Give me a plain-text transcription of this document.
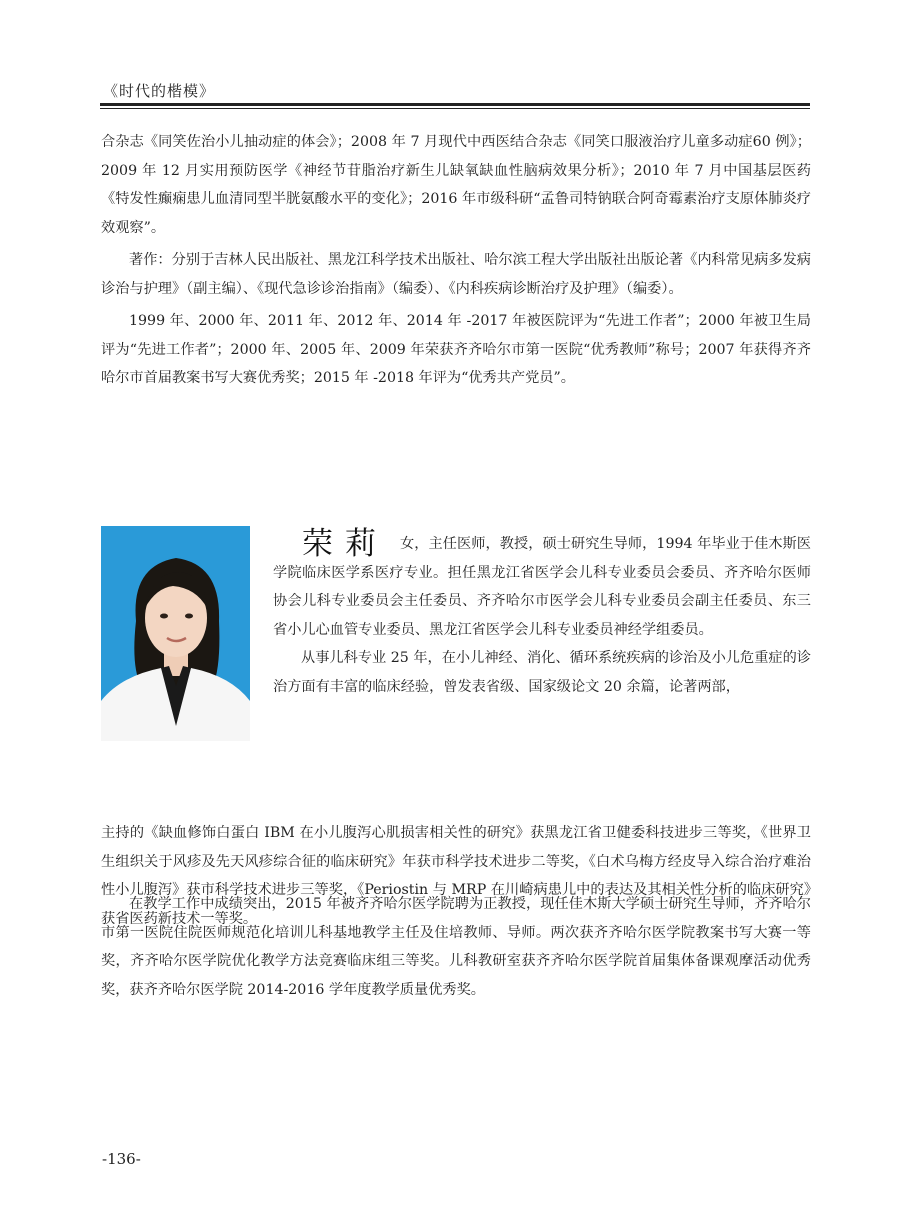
《时代的楷模》

合杂志《同笑佐治小儿抽动症的体会》；2008 年 7 月现代中西医结合杂志《同笑口服液治疗儿童多动症60 例》；2009 年 12 月实用预防医学《神经节苷脂治疗新生儿缺氧缺血性脑病效果分析》；2010 年 7 月中国基层医药《特发性癫痫患儿血清同型半胱氨酸水平的变化》；2016 年市级科研“孟鲁司特钠联合阿奇霉素治疗支原体肺炎疗效观察”。

著作：分别于吉林人民出版社、黑龙江科学技术出版社、哈尔滨工程大学出版社出版论著《内科常见病多发病诊治与护理》（副主编）、《现代急诊诊治指南》（编委）、《内科疾病诊断治疗及护理》（编委）。

1999 年、2000 年、2011 年、2012 年、2014 年 -2017 年被医院评为“先进工作者”；2000 年被卫生局评为“先进工作者”；2000 年、2005 年、2009 年荣获齐齐哈尔市第一医院“优秀教师”称号；2007 年获得齐齐哈尔市首届教案书写大赛优秀奖；2015 年 -2018 年评为“优秀共产党员”。

荣莉 女，主任医师，教授，硕士研究生导师，1994 年毕业于佳木斯医学院临床医学系医疗专业。担任黑龙江省医学会儿科专业委员会委员、齐齐哈尔医师协会儿科专业委员会主任委员、齐齐哈尔市医学会儿科专业委员会副主任委员、东三省小儿心血管专业委员、黑龙江省医学会儿科专业委员神经学组委员。

从事儿科专业 25 年，在小儿神经、消化、循环系统疾病的诊治及小儿危重症的诊治方面有丰富的临床经验，曾发表省级、国家级论文 20 余篇，论著两部，

主持的《缺血修饰白蛋白 IBM 在小儿腹泻心肌损害相关性的研究》获黑龙江省卫健委科技进步三等奖，《世界卫生组织关于风疹及先天风疹综合征的临床研究》年获市科学技术进步二等奖，《白术乌梅方经皮导入综合治疗难治性小儿腹泻》获市科学技术进步三等奖，《Periostin 与 MRP 在川崎病患儿中的表达及其相关性分析的临床研究》获省医药新技术一等奖。

在教学工作中成绩突出，2015 年被齐齐哈尔医学院聘为正教授，现任佳木斯大学硕士研究生导师，齐齐哈尔市第一医院住院医师规范化培训儿科基地教学主任及住培教师、导师。两次获齐齐哈尔医学院教案书写大赛一等奖，齐齐哈尔医学院优化教学方法竞赛临床组三等奖。儿科教研室获齐齐哈尔医学院首届集体备课观摩活动优秀奖，获齐齐哈尔医学院 2014-2016 学年度教学质量优秀奖。

-136-
